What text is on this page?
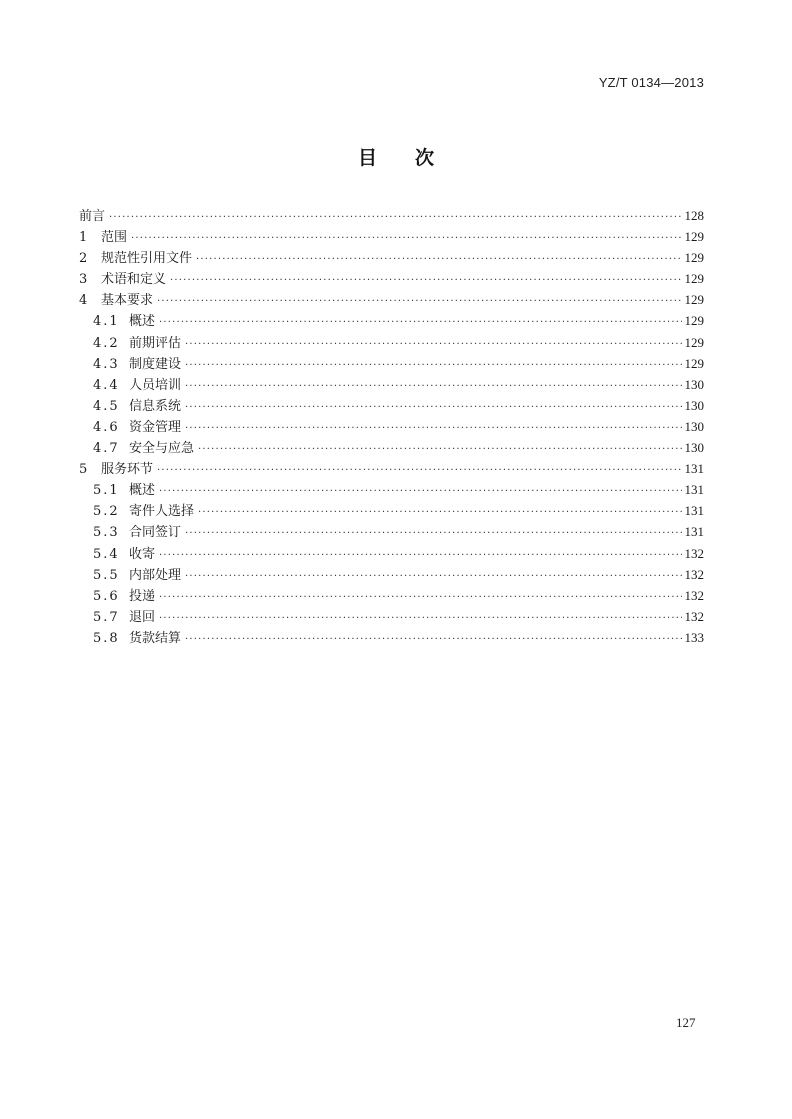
YZ/T 0134—2013
目次
前言 ·····	128
1	范围 ·····	129
2	规范性引用文件 ·····	129
3	术语和定义 ·····	129
4	基本要求 ·····	129
4.1 概述 ·····	129
4.2 前期评估 ·····	129
4.3 制度建设 ·····	129
4.4 人员培训 ·····	130
4.5 信息系统 ·····	130
4.6 资金管理 ·····	130
4.7 安全与应急 ·····	130
5	服务环节 ·····	131
5.1 概述 ·····	131
5.2 寄件人选择 ·····	131
5.3 合同签订 ·····	131
5.4 收寄 ·····	132
5.5 内部处理 ·····	132
5.6 投递 ·····	132
5.7 退回 ·····	132
5.8 货款结算 ·····	133
127
